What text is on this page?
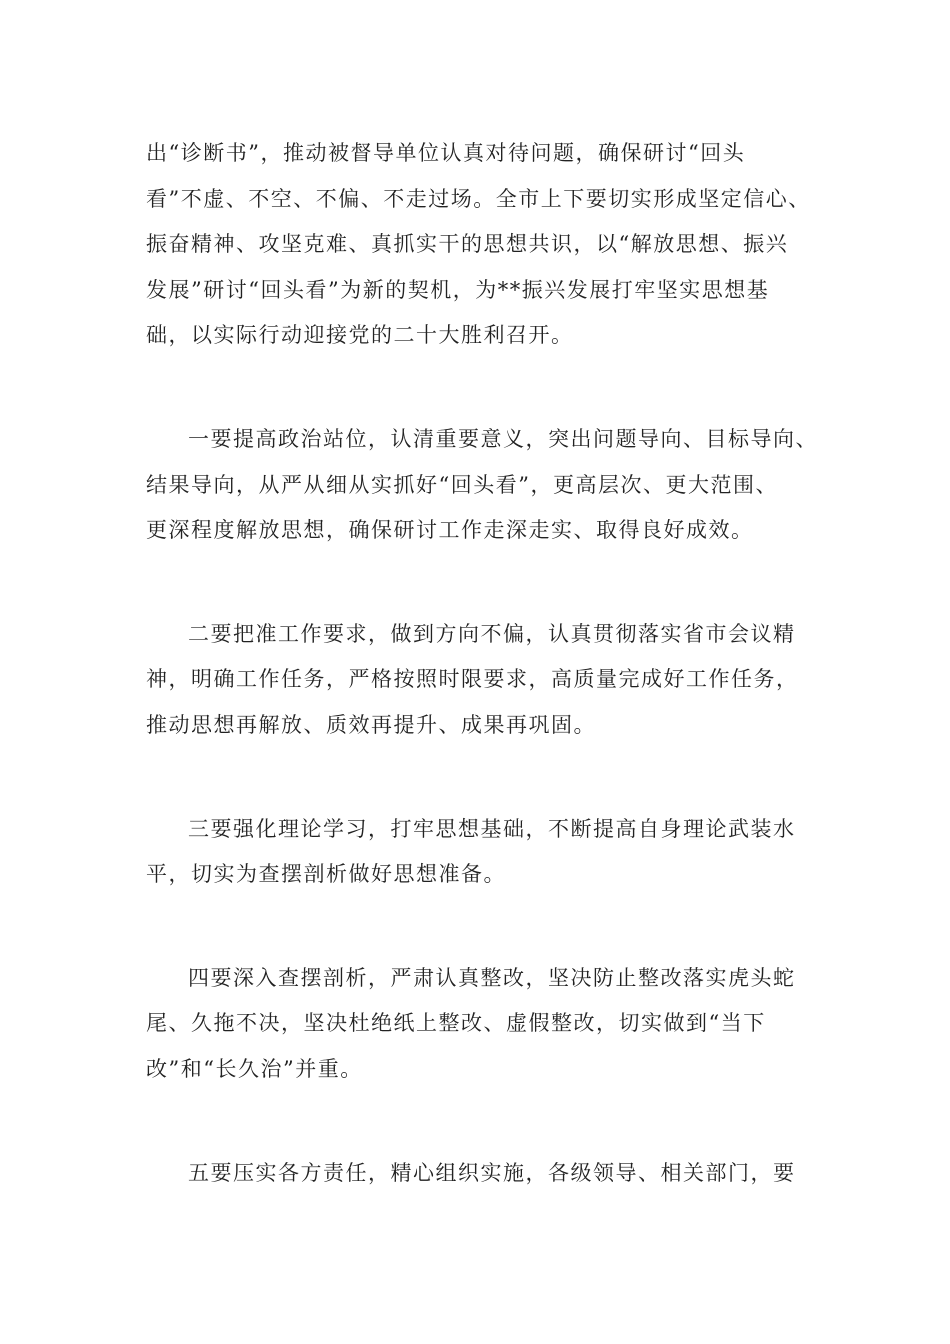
出“诊断书”，推动被督导单位认真对待问题，确保研讨“回头
看”不虚、不空、不偏、不走过场。全市上下要切实形成坚定信心、
振奋精神、攻坚克难、真抓实干的思想共识，以“解放思想、振兴
发展”研讨“回头看”为新的契机，为**振兴发展打牢坚实思想基
础，以实际行动迎接党的二十大胜利召开。

一要提高政治站位，认清重要意义，突出问题导向、目标导向、
结果导向，从严从细从实抓好“回头看”，更高层次、更大范围、
更深程度解放思想，确保研讨工作走深走实、取得良好成效。

二要把准工作要求，做到方向不偏，认真贯彻落实省市会议精
神，明确工作任务，严格按照时限要求，高质量完成好工作任务，
推动思想再解放、质效再提升、成果再巩固。

三要强化理论学习，打牢思想基础，不断提高自身理论武装水
平，切实为查摆剖析做好思想准备。

四要深入查摆剖析，严肃认真整改，坚决防止整改落实虎头蛇
尾、久拖不决，坚决杜绝纸上整改、虚假整改，切实做到“当下
改”和“长久治”并重。

五要压实各方责任，精心组织实施，各级领导、相关部门，要
